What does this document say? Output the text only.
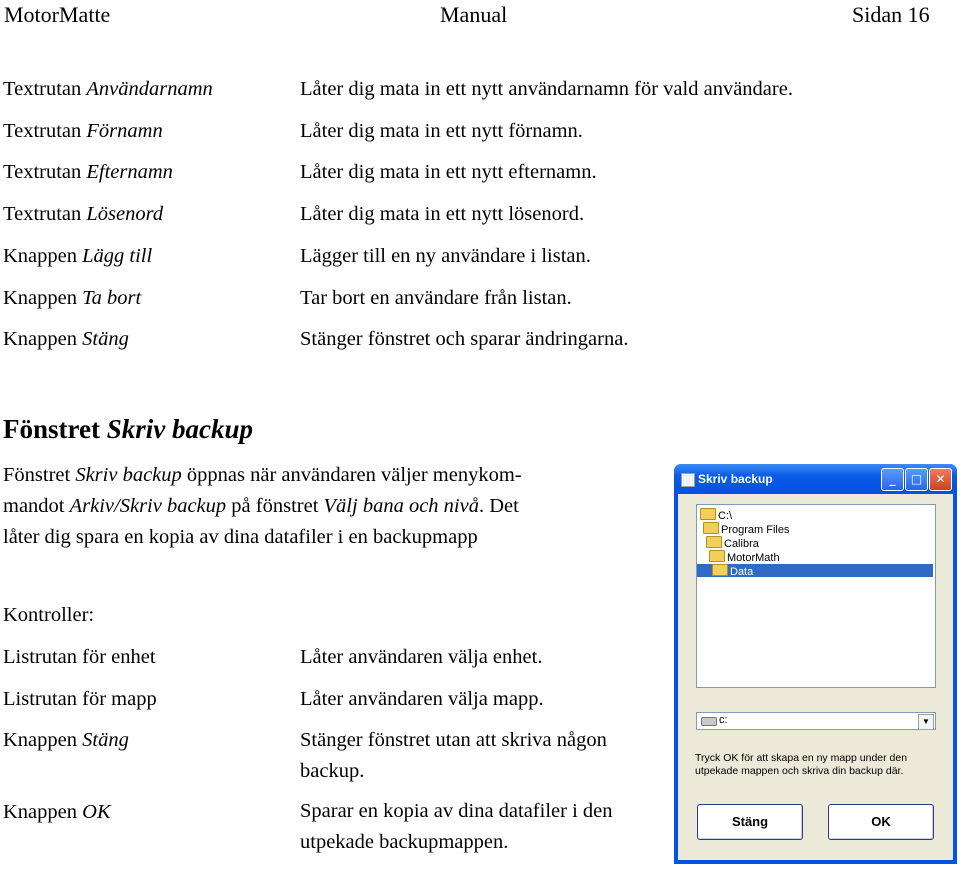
MotorMatte	Manual	Sidan 16
Textrutan Användarnamn	Låter dig mata in ett nytt användarnamn för vald användare.
Textrutan Förnamn	Låter dig mata in ett nytt förnamn.
Textrutan Efternamn	Låter dig mata in ett nytt efternamn.
Textrutan Lösenord	Låter dig mata in ett nytt lösenord.
Knappen Lägg till	Lägger till en ny användare i listan.
Knappen Ta bort	Tar bort en användare från listan.
Knappen Stäng	Stänger fönstret och sparar ändringarna.
Fönstret Skriv backup
Fönstret Skriv backup öppnas när användaren väljer menykom-
mandot Arkiv/Skriv backup på fönstret Välj bana och nivå. Det
låter dig spara en kopia av dina datafiler i en backupmapp
Kontroller:
Listrutan för enhet	Låter användaren välja enhet.
Listrutan för mapp	Låter användaren välja mapp.
Knappen Stäng	Stänger fönstret utan att skriva någon backup.
Knappen OK	Sparar en kopia av dina datafiler i den utpekade backupmappen.
Skriv backup	_	□	✕
C:\
Program Files
Calibra
MotorMath
Data
c:	▼
Tryck OK för att skapa en ny mapp under den utpekade mappen och skriva din backup där.
Stäng	OK
